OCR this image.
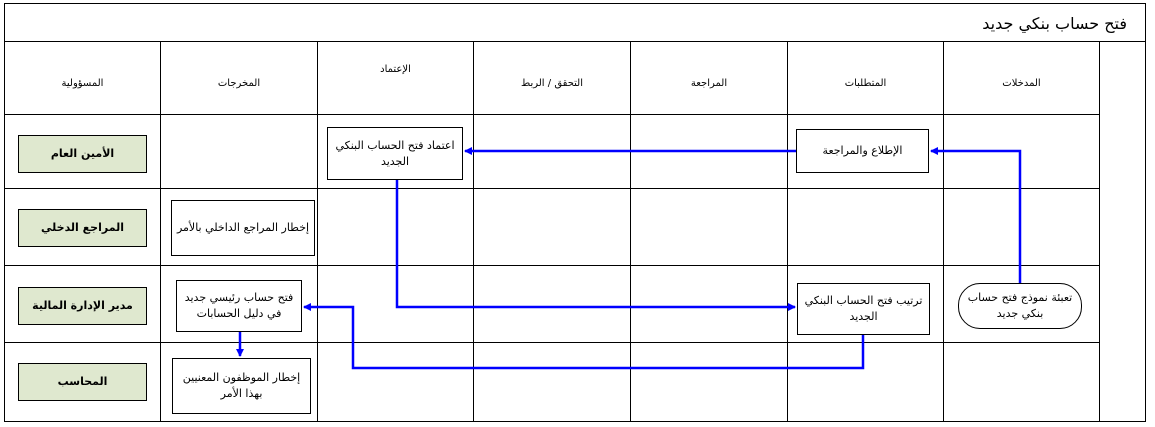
فتح حساب بنكي جديد
المدخلات
المتطلبات
المراجعة
التحقق / الربط
الإعتماد
المخرجات
المسؤولية
الأمين العام
المراجع الدخلي
مدير الإدارة المالية
المحاسب
تعبئة نموذج فتح حساب بنكي جديد
الإطلاع والمراجعة
اعتماد فتح الحساب البنكي الجديد
ترتيب فتح الحساب البنكي الجديد
إخطار المراجع الداخلي بالأمر
فتح حساب رئيسي جديد في دليل الحسابات
إخطار الموظفون المعنيين بهذا الأمر
